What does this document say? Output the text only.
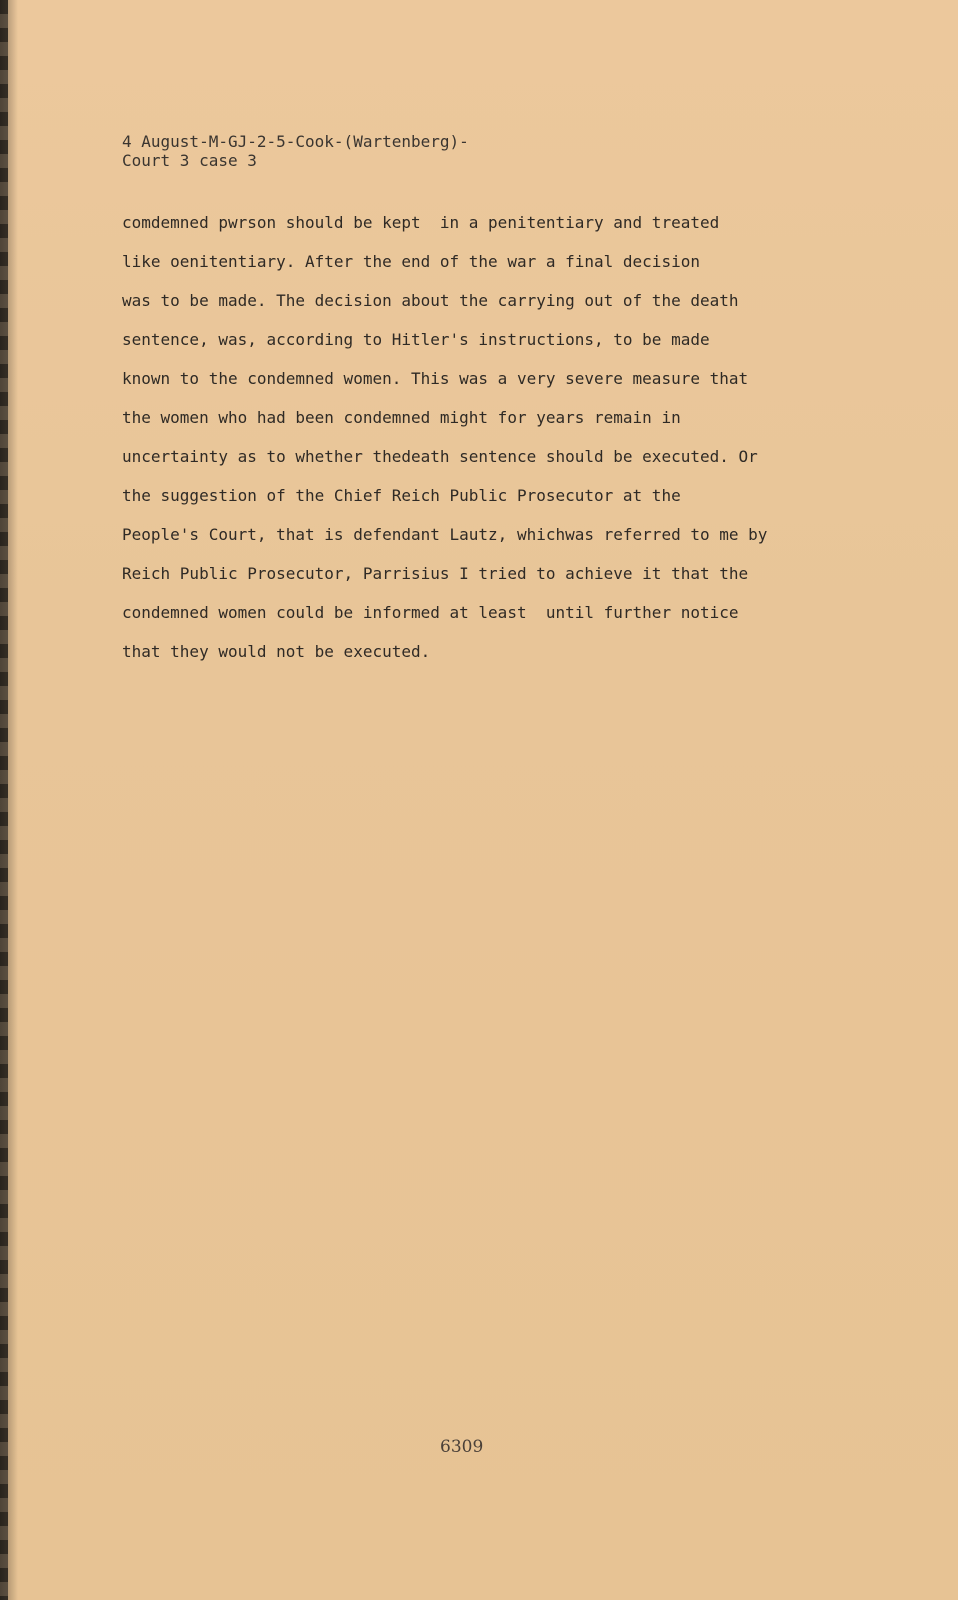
4 August-M-GJ-2-5-Cook-(Wartenberg)-
Court 3 case 3
comdemned pwrson should be kept  in a penitentiary and treated
like oenitentiary. After the end of the war a final decision
was to be made. The decision about the carrying out of the death
sentence, was, according to Hitler's instructions, to be made
known to the condemned women. This was a very severe measure that
the women who had been condemned might for years remain in
uncertainty as to whether thedeath sentence should be executed. Or
the suggestion of the Chief Reich Public Prosecutor at the
People's Court, that is defendant Lautz, whichwas referred to me by
Reich Public Prosecutor, Parrisius I tried to achieve it that the
condemned women could be informed at least  until further notice
that they would not be executed.
6309
